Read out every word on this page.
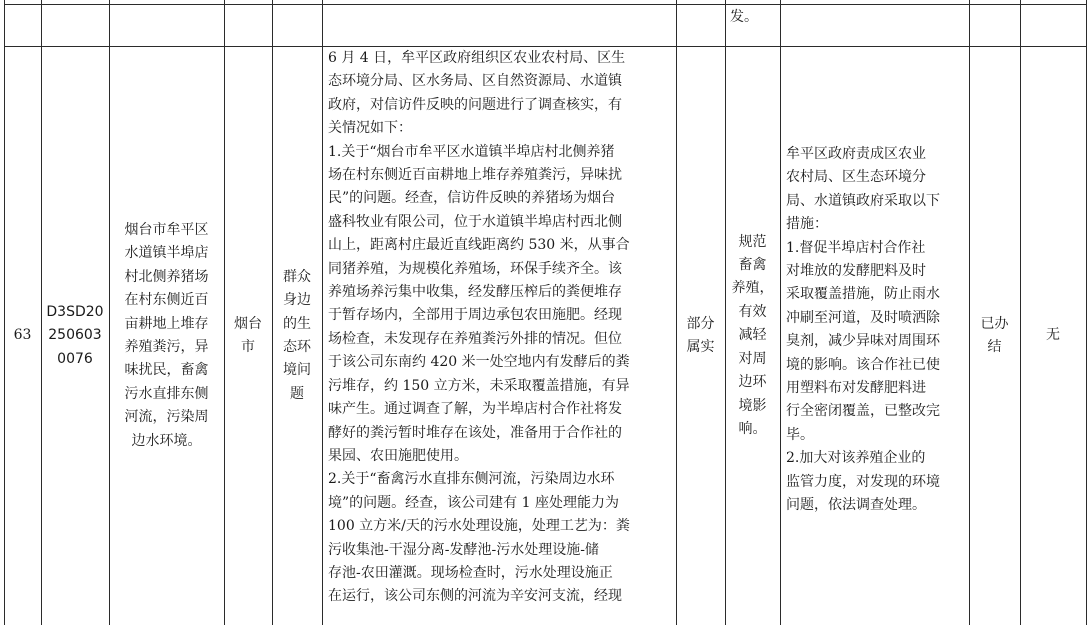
发。
63
D3SD20
250603
0076
烟台市牟平区
水道镇半埠店
村北侧养猪场
在村东侧近百
亩耕地上堆存
养殖粪污，异
味扰民，畜禽
污水直排东侧
河流，污染周
边水环境。
烟台
市
群众
身边
的生
态环
境问
题
6 月 4 日，牟平区政府组织区农业农村局、区生
态环境分局、区水务局、区自然资源局、水道镇
政府，对信访件反映的问题进行了调查核实，有
关情况如下：
1.关于“烟台市牟平区水道镇半埠店村北侧养猪
场在村东侧近百亩耕地上堆存养殖粪污，异味扰
民”的问题。经查，信访件反映的养猪场为烟台
盛科牧业有限公司，位于水道镇半埠店村西北侧
山上，距离村庄最近直线距离约 530 米，从事合
同猪养殖，为规模化养殖场，环保手续齐全。该
养殖场养污集中收集，经发酵压榨后的粪便堆存
于暂存场内，全部用于周边承包农田施肥。经现
场检查，未发现存在养殖粪污外排的情况。但位
于该公司东南约 420 米一处空地内有发酵后的粪
污堆存，约 150 立方米，未采取覆盖措施，有异
味产生。通过调查了解，为半埠店村合作社将发
酵好的粪污暂时堆存在该处，准备用于合作社的
果园、农田施肥使用。
2.关于“畜禽污水直排东侧河流，污染周边水环
境”的问题。经查，该公司建有 1 座处理能力为
100 立方米/天的污水处理设施，处理工艺为：粪
污收集池-干湿分离-发酵池-污水处理设施-储
存池-农田灌溉。现场检查时，污水处理设施正
在运行，该公司东侧的河流为辛安河支流，经现
部分
属实
规范
畜禽
养殖，
有效
减轻
对周
边环
境影
响。
牟平区政府责成区农业
农村局、区生态环境分
局、水道镇政府采取以下
措施：
1.督促半埠店村合作社
对堆放的发酵肥料及时
采取覆盖措施，防止雨水
冲刷至河道，及时喷洒除
臭剂，减少异味对周围环
境的影响。该合作社已使
用塑料布对发酵肥料进
行全密闭覆盖，已整改完
毕。
2.加大对该养殖企业的
监管力度，对发现的环境
问题，依法调查处理。
已办
结
无
